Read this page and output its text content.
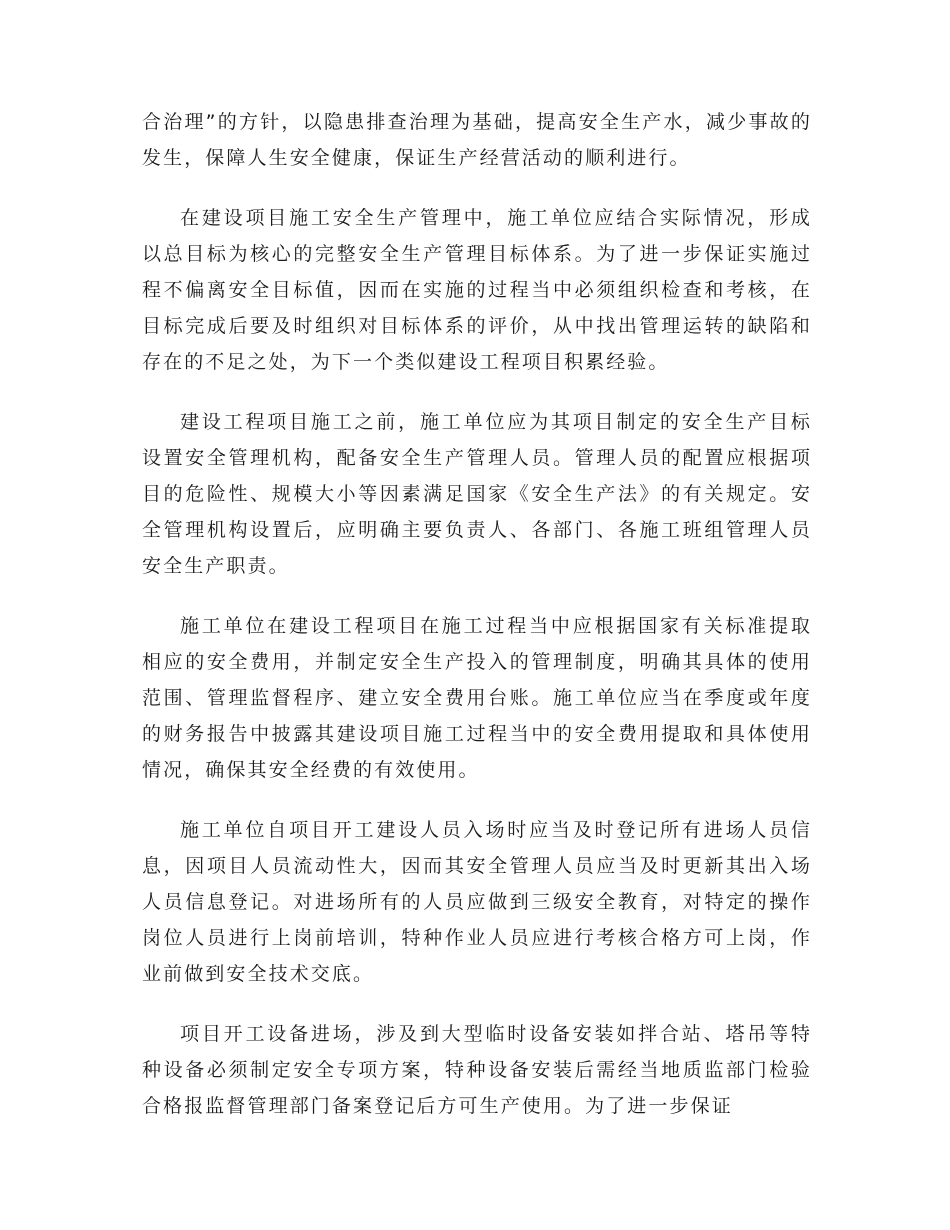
合治理”的方针，以隐患排查治理为基础，提高安全生产水，减少事故的发生，保障人生安全健康，保证生产经营活动的顺利进行。

在建设项目施工安全生产管理中，施工单位应结合实际情况，形成以总目标为核心的完整安全生产管理目标体系。为了进一步保证实施过程不偏离安全目标值，因而在实施的过程当中必须组织检查和考核，在目标完成后要及时组织对目标体系的评价，从中找出管理运转的缺陷和存在的不足之处，为下一个类似建设工程项目积累经验。

建设工程项目施工之前，施工单位应为其项目制定的安全生产目标设置安全管理机构，配备安全生产管理人员。管理人员的配置应根据项目的危险性、规模大小等因素满足国家《安全生产法》的有关规定。安全管理机构设置后，应明确主要负责人、各部门、各施工班组管理人员安全生产职责。

施工单位在建设工程项目在施工过程当中应根据国家有关标准提取相应的安全费用，并制定安全生产投入的管理制度，明确其具体的使用范围、管理监督程序、建立安全费用台账。施工单位应当在季度或年度的财务报告中披露其建设项目施工过程当中的安全费用提取和具体使用情况，确保其安全经费的有效使用。

施工单位自项目开工建设人员入场时应当及时登记所有进场人员信息，因项目人员流动性大，因而其安全管理人员应当及时更新其出入场人员信息登记。对进场所有的人员应做到三级安全教育，对特定的操作岗位人员进行上岗前培训，特种作业人员应进行考核合格方可上岗，作业前做到安全技术交底。

项目开工设备进场，涉及到大型临时设备安装如拌合站、塔吊等特种设备必须制定安全专项方案，特种设备安装后需经当地质监部门检验合格报监督管理部门备案登记后方可生产使用。为了进一步保证
